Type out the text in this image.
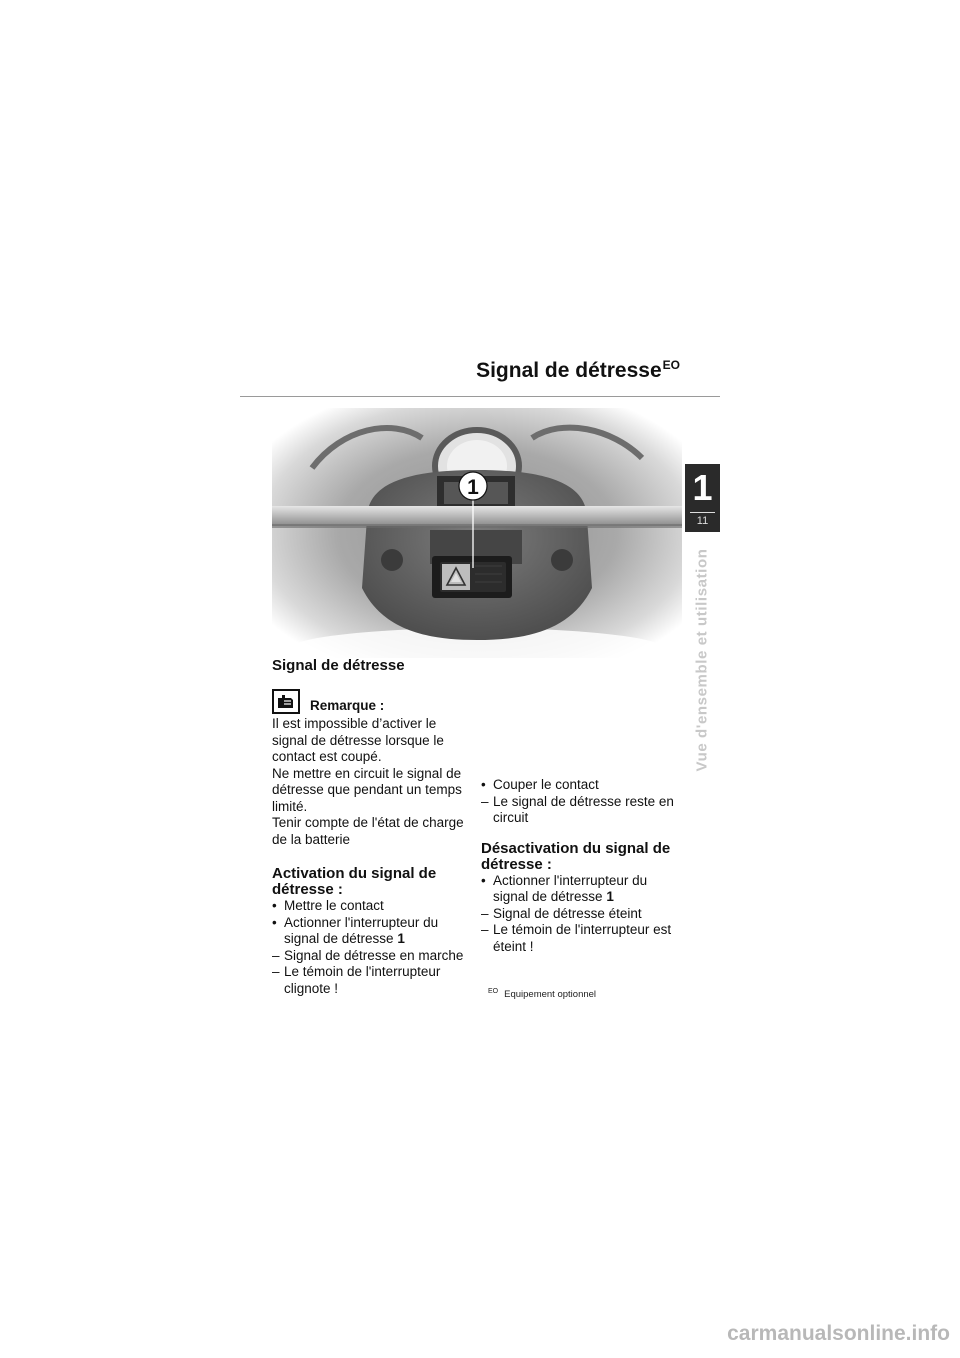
Signal de détresse$^{EO}$
1	1
11
Vue d'ensemble et utilisation
Signal de détresse
Remarque :

Il est impossible d’activer le signal de détresse lorsque le contact est coupé.

Ne mettre en circuit le signal de détresse que pendant un temps limité.

Tenir compte de l'état de charge de la batterie

Activation du signal de détresse :
• Mettre le contact
• Actionner l'interrupteur du signal de détresse 1
– Signal de détresse en marche
– Le témoin de l'interrupteur clignote !
• Couper le contact
– Le signal de détresse reste en circuit
Désactivation du signal de détresse :
• Actionner l'interrupteur du signal de détresse 1
– Signal de détresse éteint
– Le témoin de l'interrupteur est éteint !
$^{EO}$ Equipement optionnel
carmanualsonline.info
